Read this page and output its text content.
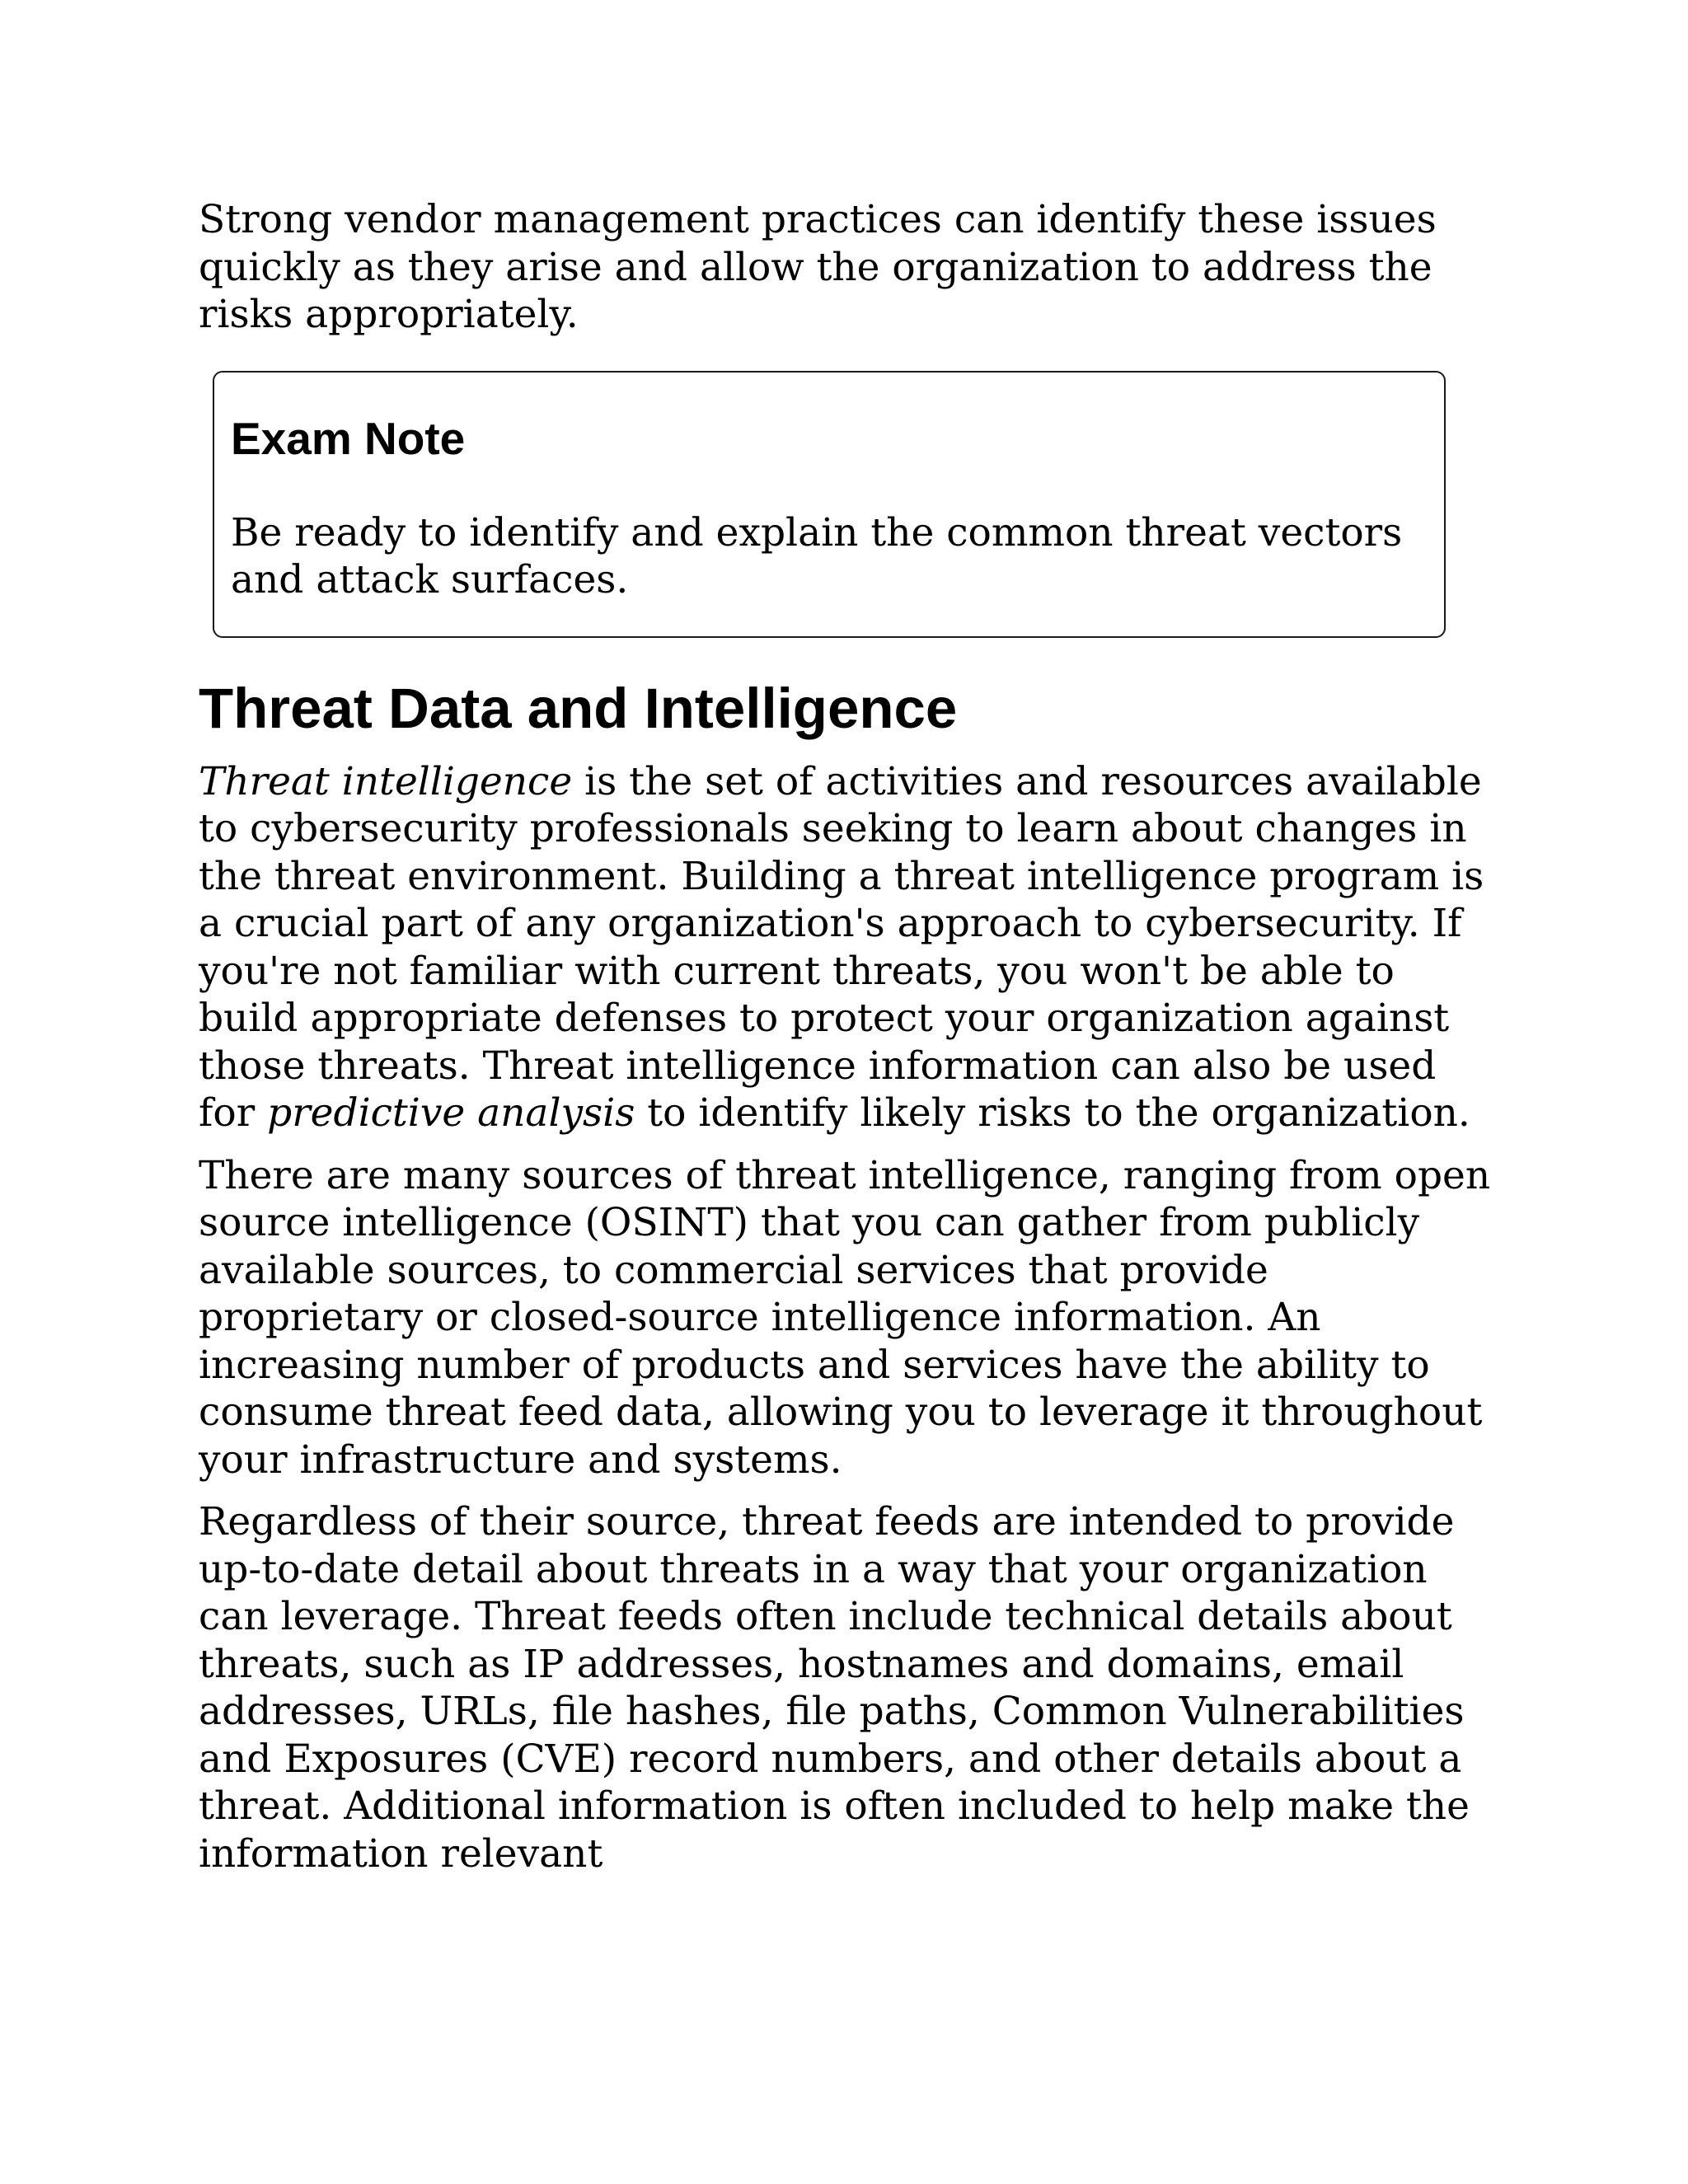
Strong vendor management practices can identify these issues quickly as they arise and allow the organization to address the risks appropriately.

Exam Note

Be ready to identify and explain the common threat vectors and attack surfaces.

Threat Data and Intelligence

Threat intelligence is the set of activities and resources available to cybersecurity professionals seeking to learn about changes in the threat environment. Building a threat intelligence program is a crucial part of any organization's approach to cybersecurity. If you're not familiar with current threats, you won't be able to build appropriate defenses to protect your organization against those threats. Threat intelligence information can also be used for predictive analysis to identify likely risks to the organization.

There are many sources of threat intelligence, ranging from open source intelligence (OSINT) that you can gather from publicly available sources, to commercial services that provide proprietary or closed-source intelligence information. An increasing number of products and services have the ability to consume threat feed data, allowing you to leverage it throughout your infrastructure and systems.

Regardless of their source, threat feeds are intended to provide up-to-date detail about threats in a way that your organization can leverage. Threat feeds often include technical details about threats, such as IP addresses, hostnames and domains, email addresses, URLs, file hashes, file paths, Common Vulnerabilities and Exposures (CVE) record numbers, and other details about a threat. Additional information is often included to help make the information relevant
